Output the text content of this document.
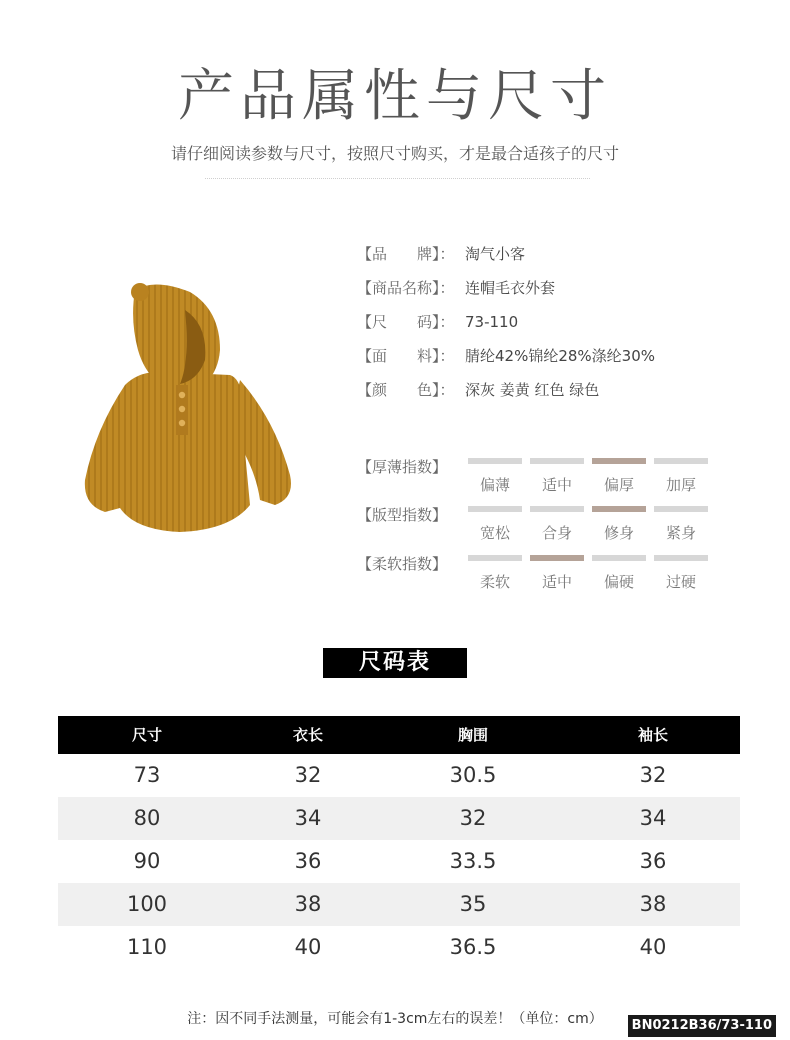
产品属性与尺寸
请仔细阅读参数与尺寸，按照尺寸购买，才是最合适孩子的尺寸
【品　　牌】： 淘气小客
【商品名称】： 连帽毛衣外套
【尺　　码】： 73-110
【面　　料】： 腈纶42%锦纶28%涤纶30%
【颜　　色】： 深灰 姜黄 红色 绿色
【厚薄指数】
偏薄	适中	偏厚	加厚
【版型指数】
宽松	合身	修身	紧身
【柔软指数】
柔软	适中	偏硬	过硬
尺码表
尺寸	衣长	胸围	袖长
73	32	30.5	32
80	34	32	34
90	36	33.5	36
100	38	35	38
110	40	36.5	40
注：因不同手法测量，可能会有1-3cm左右的误差！（单位：cm）	BN0212B36/73-110
